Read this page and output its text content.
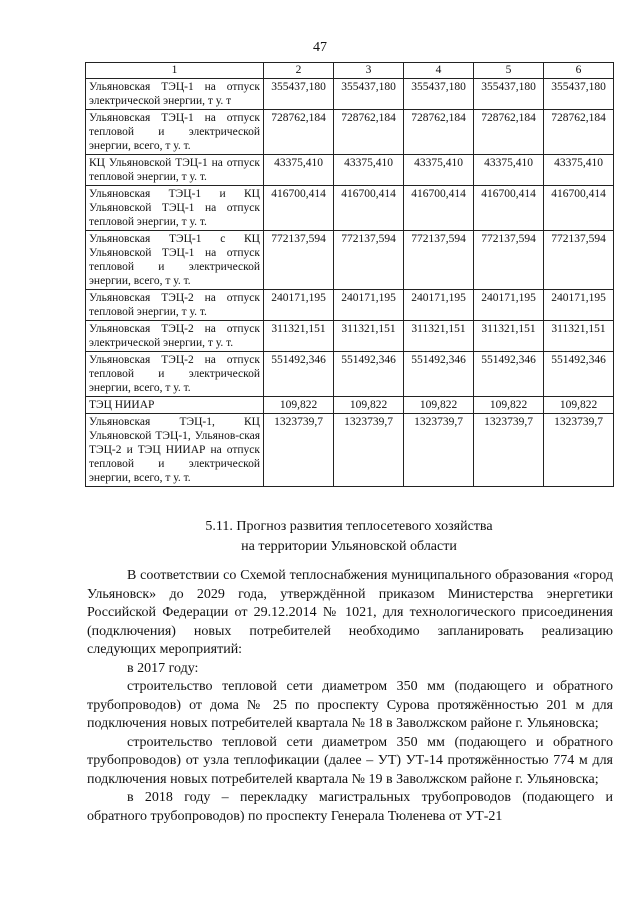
47
1	2	3	4	5	6
Ульяновская ТЭЦ-1 на отпуск электрической энергии, т у. т	355437,180	355437,180	355437,180	355437,180	355437,180
Ульяновская ТЭЦ-1 на отпуск тепловой и электрической энергии, всего, т у. т.	728762,184	728762,184	728762,184	728762,184	728762,184
КЦ Ульяновской ТЭЦ-1 на отпуск тепловой энергии, т у. т.	43375,410	43375,410	43375,410	43375,410	43375,410
Ульяновская ТЭЦ-1 и КЦ Ульяновской ТЭЦ-1 на отпуск тепловой энергии, т у. т.	416700,414	416700,414	416700,414	416700,414	416700,414
Ульяновская ТЭЦ-1 с КЦ Ульяновской ТЭЦ-1 на отпуск тепловой и электрической энергии, всего, т у. т.	772137,594	772137,594	772137,594	772137,594	772137,594
Ульяновская ТЭЦ-2 на отпуск тепловой энергии, т у. т.	240171,195	240171,195	240171,195	240171,195	240171,195
Ульяновская ТЭЦ-2 на отпуск электрической энергии, т у. т.	311321,151	311321,151	311321,151	311321,151	311321,151
Ульяновская ТЭЦ-2 на отпуск тепловой и электрической энергии, всего, т у. т.	551492,346	551492,346	551492,346	551492,346	551492,346
ТЭЦ НИИАР	109,822	109,822	109,822	109,822	109,822
Ульяновская ТЭЦ-1, КЦ Ульяновской ТЭЦ-1, Ульянов-ская ТЭЦ-2 и ТЭЦ НИИАР на отпуск тепловой и электрической энергии, всего, т у. т.	1323739,7	1323739,7	1323739,7	1323739,7	1323739,7
5.11. Прогноз развития теплосетевого хозяйства
на территории Ульяновской области

В соответствии со Схемой теплоснабжения муниципального образования «город Ульяновск» до 2029 года, утверждённой приказом Министерства энергетики Российской Федерации от 29.12.2014 № 1021, для технологического присоединения (подключения) новых потребителей необходимо запланировать реализацию следующих мероприятий:

в 2017 году:

строительство тепловой сети диаметром 350 мм (подающего и обратного трубопроводов) от дома № 25 по проспекту Сурова протяжённостью 201 м для подключения новых потребителей квартала № 18 в Заволжском районе г. Ульяновска;

строительство тепловой сети диаметром 350 мм (подающего и обратного трубопроводов) от узла теплофикации (далее – УТ) УТ-14 протяжённостью 774 м для подключения новых потребителей квартала № 19 в Заволжском районе г. Ульяновска;

в 2018 году – перекладку магистральных трубопроводов (подающего и обратного трубопроводов) по проспекту Генерала Тюленева от УТ-21
